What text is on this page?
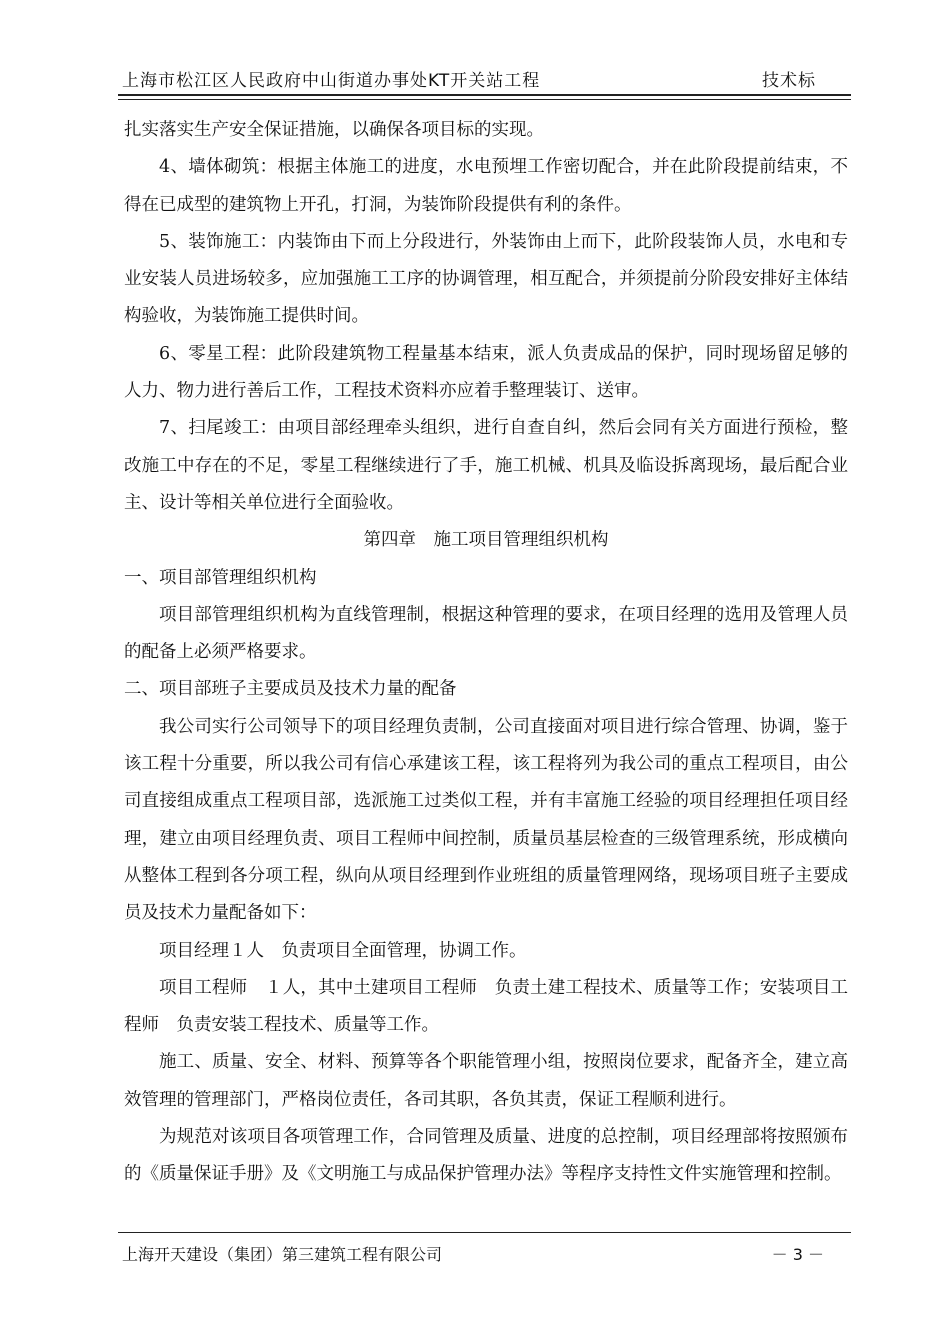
上海市松江区人民政府中山街道办事处KT开关站工程	技术标

扎实落实生产安全保证措施，以确保各项目标的实现。

4、墙体砌筑：根据主体施工的进度，水电预埋工作密切配合，并在此阶段提前结束，不得在已成型的建筑物上开孔，打洞，为装饰阶段提供有利的条件。

5、装饰施工：内装饰由下而上分段进行，外装饰由上而下，此阶段装饰人员，水电和专业安装人员进场较多，应加强施工工序的协调管理，相互配合，并须提前分阶段安排好主体结构验收，为装饰施工提供时间。

6、零星工程：此阶段建筑物工程量基本结束，派人负责成品的保护，同时现场留足够的人力、物力进行善后工作，工程技术资料亦应着手整理装订、送审。

7、扫尾竣工：由项目部经理牵头组织，进行自查自纠，然后会同有关方面进行预检，整改施工中存在的不足，零星工程继续进行了手，施工机械、机具及临设拆离现场，最后配合业主、设计等相关单位进行全面验收。

第四章　施工项目管理组织机构

一、项目部管理组织机构

项目部管理组织机构为直线管理制，根据这种管理的要求，在项目经理的选用及管理人员的配备上必须严格要求。

二、项目部班子主要成员及技术力量的配备

我公司实行公司领导下的项目经理负责制，公司直接面对项目进行综合管理、协调，鉴于该工程十分重要，所以我公司有信心承建该工程，该工程将列为我公司的重点工程项目，由公司直接组成重点工程项目部，选派施工过类似工程，并有丰富施工经验的项目经理担任项目经理，建立由项目经理负责、项目工程师中间控制，质量员基层检查的三级管理系统，形成横向从整体工程到各分项工程，纵向从项目经理到作业班组的质量管理网络，现场项目班子主要成员及技术力量配备如下：

项目经理１人　负责项目全面管理，协调工作。

项目工程师　１人，其中土建项目工程师　负责土建工程技术、质量等工作；安装项目工程师　负责安装工程技术、质量等工作。

施工、质量、安全、材料、预算等各个职能管理小组，按照岗位要求，配备齐全，建立高效管理的管理部门，严格岗位责任，各司其职，各负其责，保证工程顺利进行。

为规范对该项目各项管理工作，合同管理及质量、进度的总控制，项目经理部将按照颁布的《质量保证手册》及《文明施工与成品保护管理办法》等程序支持性文件实施管理和控制。

上海开天建设（集团）第三建筑工程有限公司	－ 3 －
